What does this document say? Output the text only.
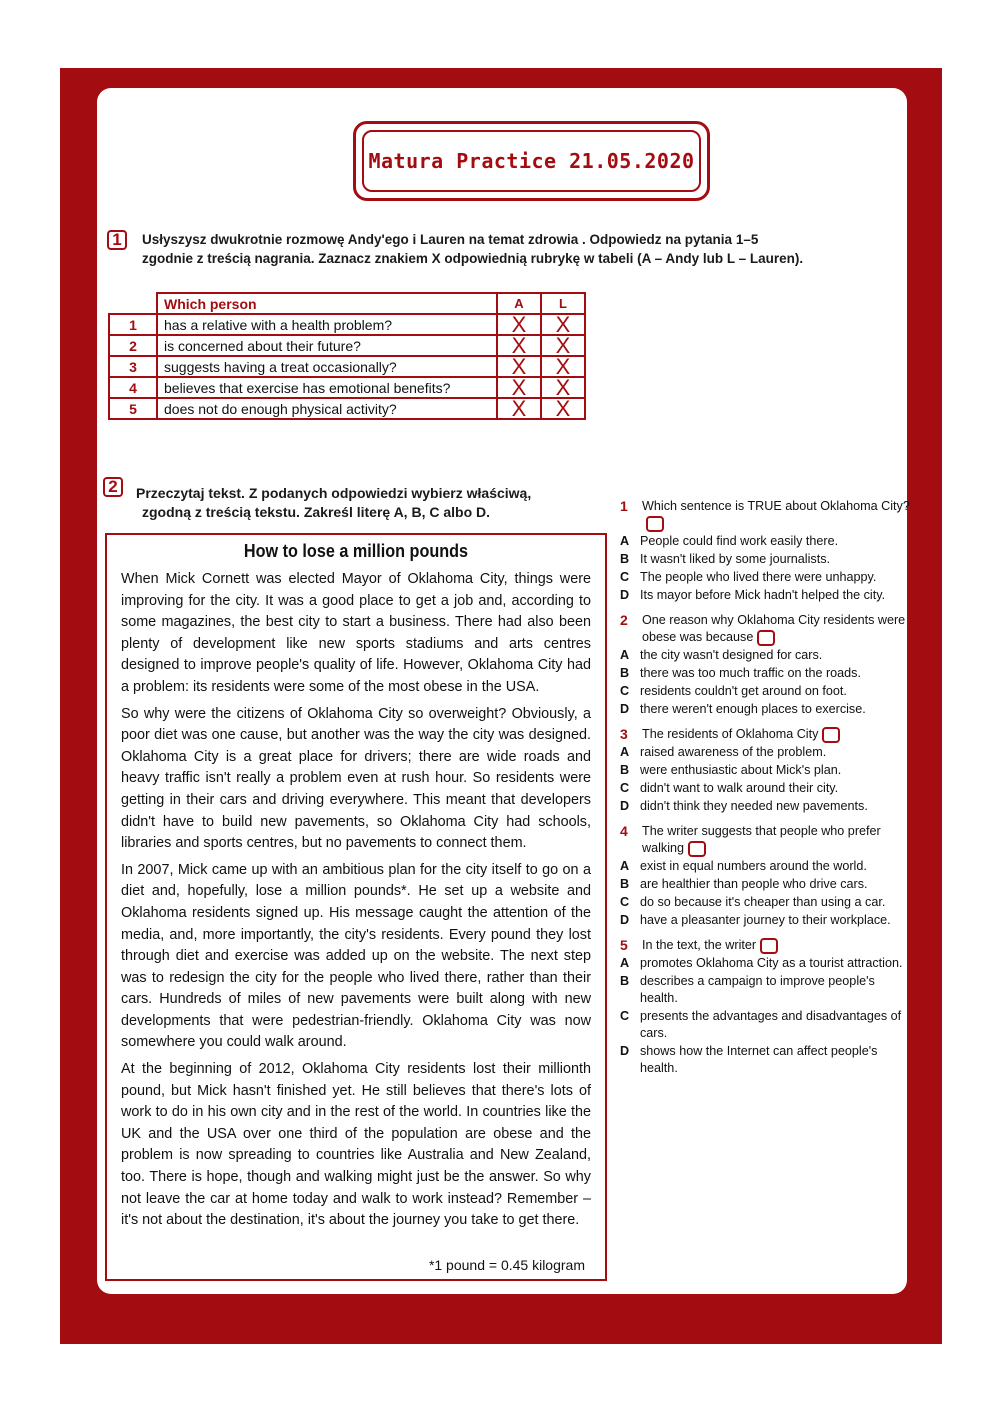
Matura Practice 21.05.2020
1	Usłyszysz dwukrotnie rozmowę Andy'ego i Lauren na temat zdrowia . Odpowiedz na pytania 1–5
zgodnie z treścią nagrania. Zaznacz znakiem X odpowiednią rubrykę w tabeli (A – Andy lub L – Lauren).
	Which person	A	L
1	has a relative with a health problem?	X	X
2	is concerned about their future?	X	X
3	suggests having a treat occasionally?	X	X
4	believes that exercise has emotional benefits?	X	X
5	does not do enough physical activity?	X	X
2	Przeczytaj tekst. Z podanych odpowiedzi wybierz właściwą,
zgodną z treścią tekstu. Zakreśl literę A, B, C albo D.
How to lose a million pounds

When Mick Cornett was elected Mayor of Oklahoma City, things were improving for the city. It was a good place to get a job and, according to some magazines, the best city to start a business. There had also been plenty of development like new sports stadiums and arts centres designed to improve people's quality of life. However, Oklahoma City had a problem: its residents were some of the most obese in the USA.

So why were the citizens of Oklahoma City so overweight? Obviously, a poor diet was one cause, but another was the way the city was designed. Oklahoma City is a great place for drivers; there are wide roads and heavy traffic isn't really a problem even at rush hour. So residents were getting in their cars and driving everywhere. This meant that developers didn't have to build new pavements, so Oklahoma City had schools, libraries and sports centres, but no pavements to connect them.

In 2007, Mick came up with an ambitious plan for the city itself to go on a diet and, hopefully, lose a million pounds*. He set up a website and Oklahoma residents signed up. His message caught the attention of the media, and, more importantly, the city's residents. Every pound they lost through diet and exercise was added up on the website. The next step was to redesign the city for the people who lived there, rather than their cars. Hundreds of miles of new pavements were built along with new developments that were pedestrian-friendly. Oklahoma City was now somewhere you could walk around.

At the beginning of 2012, Oklahoma City residents lost their millionth pound, but Mick hasn't finished yet. He still believes that there's lots of work to do in his own city and in the rest of the world. In countries like the UK and the USA over one third of the population are obese and the problem is now spreading to countries like Australia and New Zealand, too. There is hope, though and walking might just be the answer. So why not leave the car at home today and walk to work instead? Remember – it's not about the destination, it's about the journey you take to get there.

*1 pound = 0.45 kilogram
1	Which sentence is TRUE about Oklahoma City?
A People could find work easily there.
B It wasn't liked by some journalists.
C The people who lived there were unhappy.
D Its mayor before Mick hadn't helped the city.
2	One reason why Oklahoma City residents were obese was because
A the city wasn't designed for cars.
B there was too much traffic on the roads.
C residents couldn't get around on foot.
D there weren't enough places to exercise.
3	The residents of Oklahoma City
A raised awareness of the problem.
B were enthusiastic about Mick's plan.
C didn't want to walk around their city.
D didn't think they needed new pavements.
4	The writer suggests that people who prefer walking
A exist in equal numbers around the world.
B are healthier than people who drive cars.
C do so because it's cheaper than using a car.
D have a pleasanter journey to their workplace.
5	In the text, the writer
A promotes Oklahoma City as a tourist attraction.
B describes a campaign to improve people's health.
C presents the advantages and disadvantages of cars.
D shows how the Internet can affect people's health.
